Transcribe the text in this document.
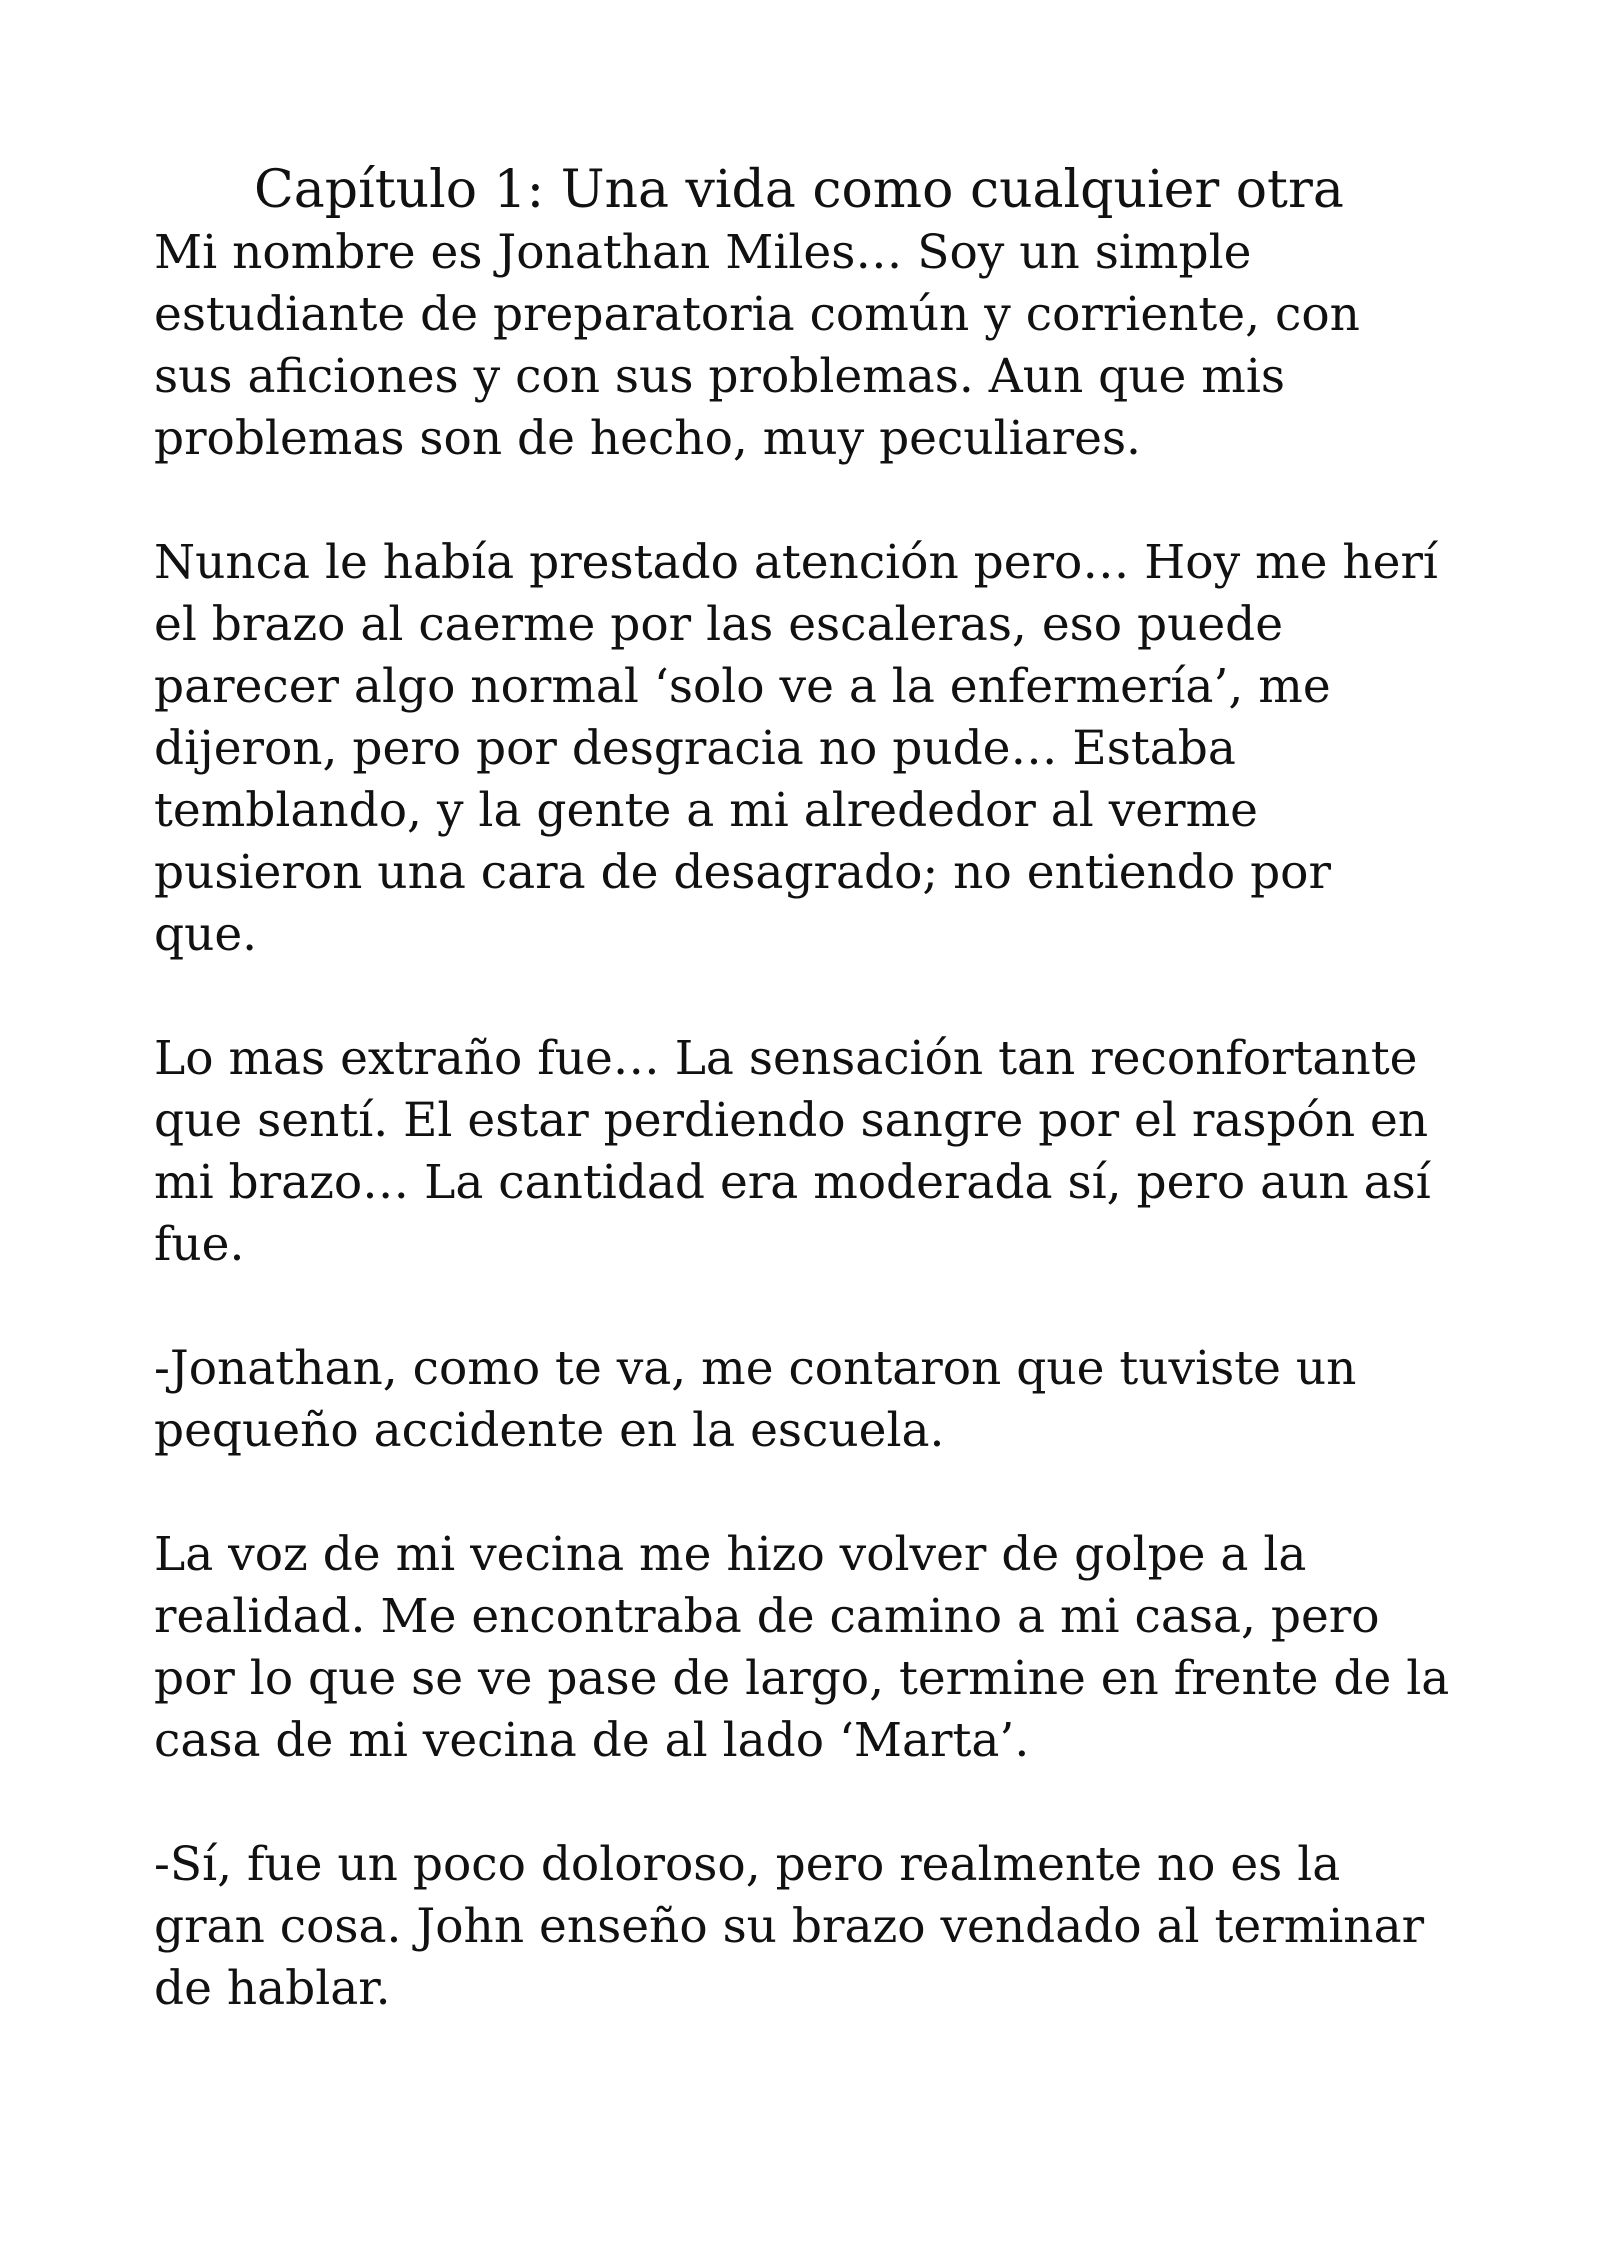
Capítulo 1: Una vida como cualquier otra

Mi nombre es Jonathan Miles… Soy un simple
estudiante de preparatoria común y corriente, con
sus aficiones y con sus problemas. Aun que mis
problemas son de hecho, muy peculiares.

Nunca le había prestado atención pero… Hoy me herí
el brazo al caerme por las escaleras, eso puede
parecer algo normal ‘solo ve a la enfermería’, me
dijeron, pero por desgracia no pude… Estaba
temblando, y la gente a mi alrededor al verme
pusieron una cara de desagrado; no entiendo por
que.

Lo mas extraño fue… La sensación tan reconfortante
que sentí. El estar perdiendo sangre por el raspón en
mi brazo… La cantidad era moderada sí, pero aun así
fue.

-Jonathan, como te va, me contaron que tuviste un
pequeño accidente en la escuela.

La voz de mi vecina me hizo volver de golpe a la
realidad. Me encontraba de camino a mi casa, pero
por lo que se ve pase de largo, termine en frente de la
casa de mi vecina de al lado ‘Marta’.

-Sí, fue un poco doloroso, pero realmente no es la
gran cosa. John enseño su brazo vendado al terminar
de hablar.
